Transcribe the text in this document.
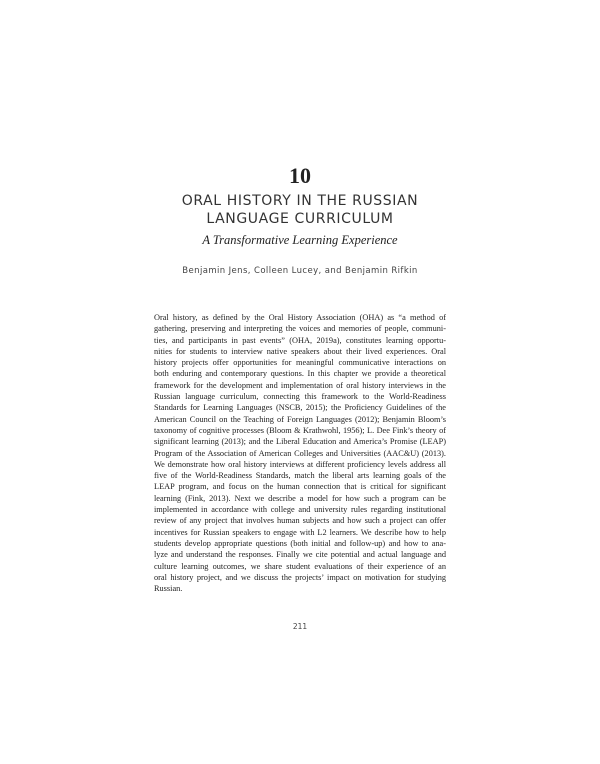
10
ORAL HISTORY IN THE RUSSIAN
LANGUAGE CURRICULUM
A Transformative Learning Experience
Benjamin Jens, Colleen Lucey, and Benjamin Rifkin
Oral history, as defined by the Oral History Association (OHA) as “a method of
gathering, preserving and interpreting the voices and memories of people, communi-
ties, and participants in past events” (OHA, 2019a), constitutes learning opportu-
nities for students to interview native speakers about their lived experiences. Oral
history projects offer opportunities for meaningful communicative interactions on
both enduring and contemporary questions. In this chapter we provide a theoretical
framework for the development and implementation of oral history interviews in the
Russian language curriculum, connecting this framework to the World-Readiness
Standards for Learning Languages (NSCB, 2015); the Proficiency Guidelines of the
American Council on the Teaching of Foreign Languages (2012); Benjamin Bloom’s
taxonomy of cognitive processes (Bloom & Krathwohl, 1956); L. Dee Fink’s theory of
significant learning (2013); and the Liberal Education and America’s Promise (LEAP)
Program of the Association of American Colleges and Universities (AAC&U) (2013).
We demonstrate how oral history interviews at different proficiency levels address all
five of the World-Readiness Standards, match the liberal arts learning goals of the
LEAP program, and focus on the human connection that is critical for significant
learning (Fink, 2013). Next we describe a model for how such a program can be
implemented in accordance with college and university rules regarding institutional
review of any project that involves human subjects and how such a project can offer
incentives for Russian speakers to engage with L2 learners. We describe how to help
students develop appropriate questions (both initial and follow-up) and how to ana-
lyze and understand the responses. Finally we cite potential and actual language and
culture learning outcomes, we share student evaluations of their experience of an
oral history project, and we discuss the projects’ impact on motivation for studying
Russian.
211
